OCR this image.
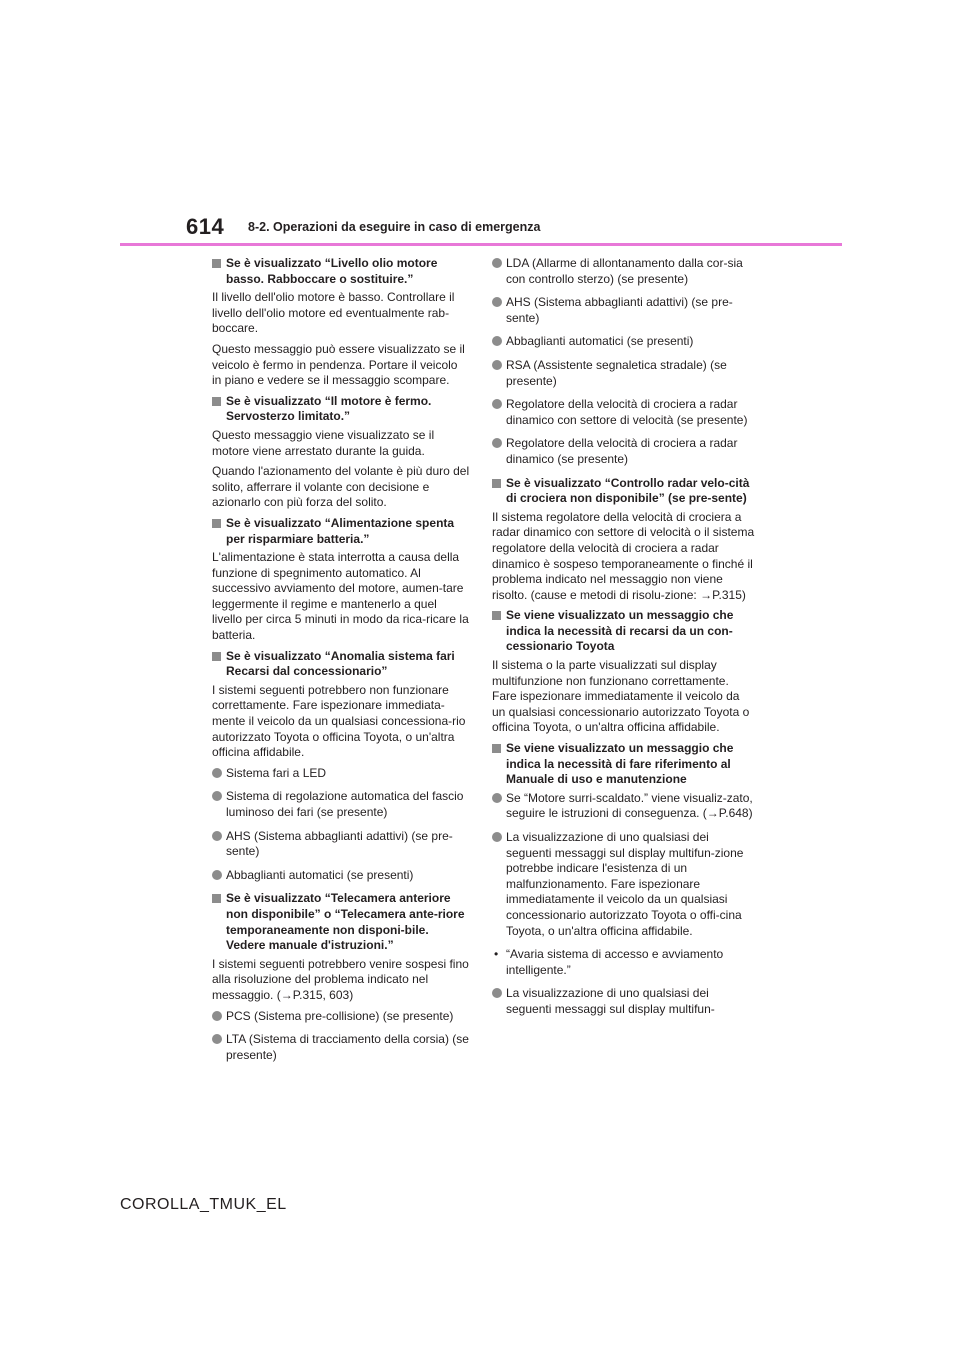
614 8-2. Operazioni da eseguire in caso di emergenza
Se è visualizzato “Livello olio motore basso. Rabboccare o sostituire.”
Il livello dell'olio motore è basso. Controllare il livello dell'olio motore ed eventualmente rab-boccare.
Questo messaggio può essere visualizzato se il veicolo è fermo in pendenza. Portare il veicolo in piano e vedere se il messaggio scompare.
Se è visualizzato “Il motore è fermo. Servosterzo limitato.”
Questo messaggio viene visualizzato se il motore viene arrestato durante la guida.
Quando l'azionamento del volante è più duro del solito, afferrare il volante con decisione e azionarlo con più forza del solito.
Se è visualizzato “Alimentazione spenta per risparmiare batteria.”
L'alimentazione è stata interrotta a causa della funzione di spegnimento automatico. Al successivo avviamento del motore, aumen-tare leggermente il regime e mantenerlo a quel livello per circa 5 minuti in modo da rica-ricare la batteria.
Se è visualizzato “Anomalia sistema fari Recarsi dal concessionario”
I sistemi seguenti potrebbero non funzionare correttamente. Fare ispezionare immediata-mente il veicolo da un qualsiasi concessiona-rio autorizzato Toyota o officina Toyota, o un'altra officina affidabile.
Sistema fari a LED
Sistema di regolazione automatica del fascio luminoso dei fari (se presente)
AHS (Sistema abbaglianti adattivi) (se pre-sente)
Abbaglianti automatici (se presenti)
Se è visualizzato “Telecamera anteriore non disponibile” o “Telecamera ante-riore temporaneamente non disponi-bile. Vedere manuale d'istruzioni.”
I sistemi seguenti potrebbero venire sospesi fino alla risoluzione del problema indicato nel messaggio. (→P.315, 603)
PCS (Sistema pre-collisione) (se presente)
LTA (Sistema di tracciamento della corsia) (se presente)
LDA (Allarme di allontanamento dalla cor-sia con controllo sterzo) (se presente)
AHS (Sistema abbaglianti adattivi) (se pre-sente)
Abbaglianti automatici (se presenti)
RSA (Assistente segnaletica stradale) (se presente)
Regolatore della velocità di crociera a radar dinamico con settore di velocità (se presente)
Regolatore della velocità di crociera a radar dinamico (se presente)
Se è visualizzato “Controllo radar velo-cità di crociera non disponibile” (se pre-sente)
Il sistema regolatore della velocità di crociera a radar dinamico con settore di velocità o il sistema regolatore della velocità di crociera a radar dinamico è sospeso temporaneamente o finché il problema indicato nel messaggio non viene risolto. (cause e metodi di risolu-zione: →P.315)
Se viene visualizzato un messaggio che indica la necessità di recarsi da un con-cessionario Toyota
Il sistema o la parte visualizzati sul display multifunzione non funzionano correttamente. Fare ispezionare immediatamente il veicolo da un qualsiasi concessionario autorizzato Toyota o officina Toyota, o un'altra officina affidabile.
Se viene visualizzato un messaggio che indica la necessità di fare riferimento al Manuale di uso e manutenzione
Se “Motore surri-scaldato.” viene visualiz-zato, seguire le istruzioni di conseguenza. (→P.648)
La visualizzazione di uno qualsiasi dei seguenti messaggi sul display multifun-zione potrebbe indicare l'esistenza di un malfunzionamento. Fare ispezionare immediatamente il veicolo da un qualsiasi concessionario autorizzato Toyota o offi-cina Toyota, o un'altra officina affidabile.
• “Avaria sistema di accesso e avviamento intelligente.”
La visualizzazione di uno qualsiasi dei seguenti messaggi sul display multifun-
COROLLA_TMUK_EL
